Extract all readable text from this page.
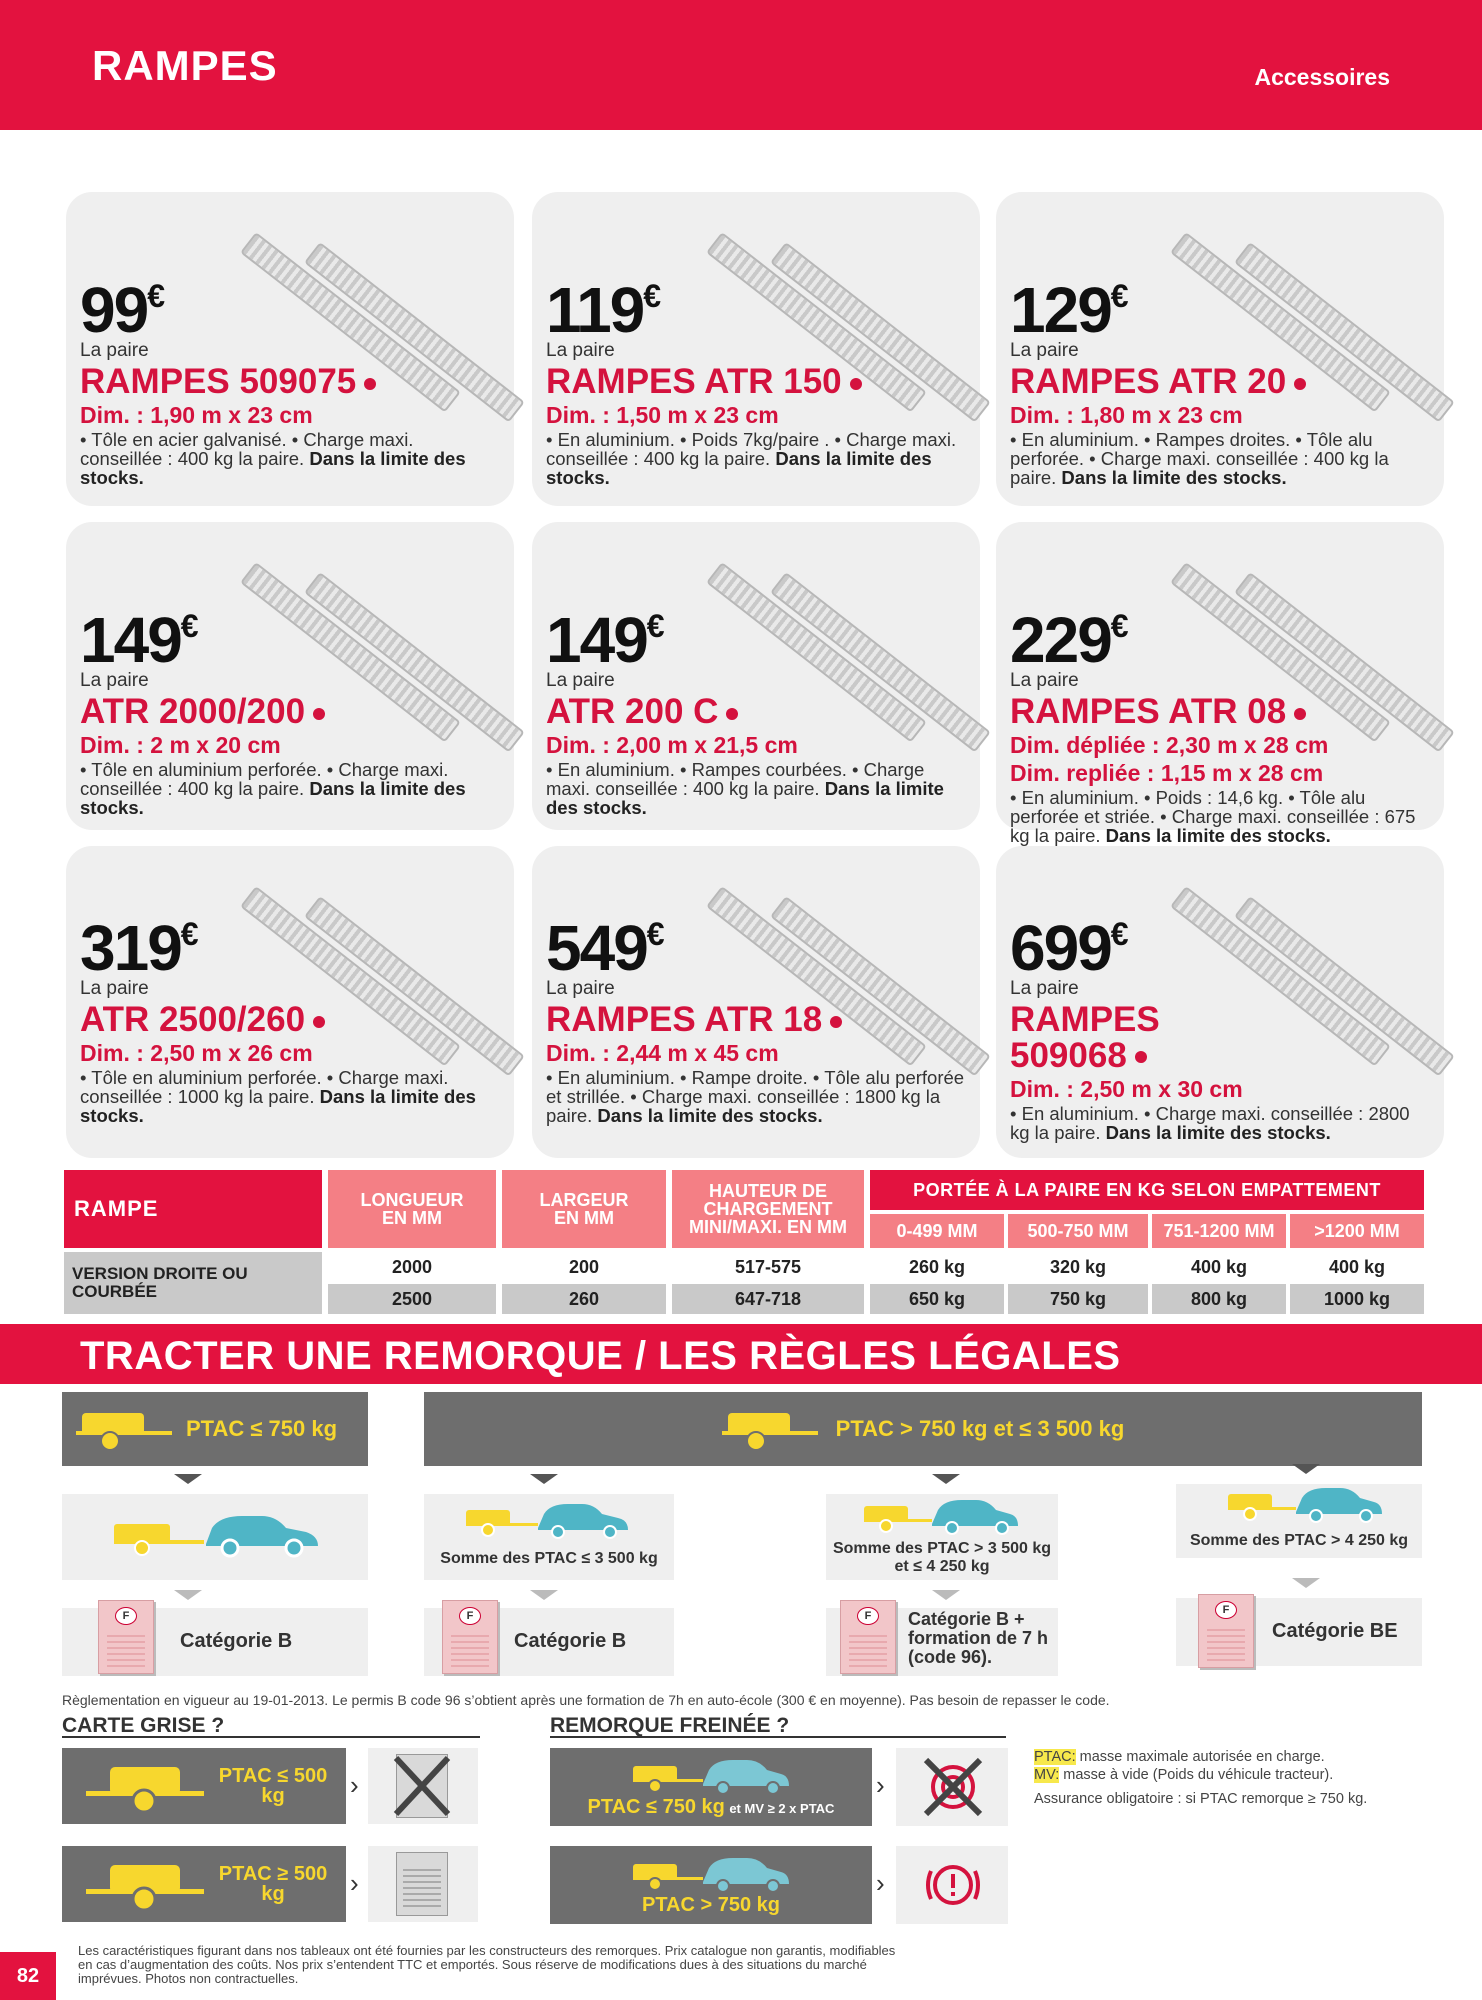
RAMPES	Accessoires
99€
La paire
RAMPES 509075
Dim. : 1,90 m x 23 cm
• Tôle en acier galvanisé. • Charge maxi. conseillée : 400 kg la paire. Dans la limite des stocks.
119€
La paire
RAMPES ATR 150
Dim. : 1,50 m x 23 cm
• En aluminium. • Poids 7kg/paire . • Charge maxi. conseillée : 400 kg la paire. Dans la limite des stocks.
129€
La paire
RAMPES ATR 20
Dim. : 1,80 m x 23 cm
• En aluminium. • Rampes droites. • Tôle alu perforée. • Charge maxi. conseillée : 400 kg la paire. Dans la limite des stocks.
149€
La paire
ATR 2000/200
Dim. : 2 m x 20 cm
• Tôle en aluminium perforée. • Charge maxi. conseillée : 400 kg la paire. Dans la limite des stocks.
149€
La paire
ATR 200 C
Dim. : 2,00 m x 21,5 cm
• En aluminium. • Rampes courbées. • Charge maxi. conseillée : 400 kg la paire. Dans la limite des stocks.
229€
La paire
RAMPES ATR 08
Dim. dépliée : 2,30 m x 28 cm
Dim. repliée : 1,15 m x 28 cm
• En aluminium. • Poids : 14,6 kg. • Tôle alu perforée et striée. • Charge maxi. conseillée : 675 kg la paire. Dans la limite des stocks.
319€
La paire
ATR 2500/260
Dim. : 2,50 m x 26 cm
• Tôle en aluminium perforée. • Charge maxi. conseillée : 1000 kg la paire. Dans la limite des stocks.
549€
La paire
RAMPES ATR 18
Dim. : 2,44 m x 45 cm
• En aluminium. • Rampe droite. • Tôle alu perforée et strillée. • Charge maxi. conseillée : 1800 kg la paire. Dans la limite des stocks.
699€
La paire
RAMPES 509068
Dim. : 2,50 m x 30 cm
• En aluminium. • Charge maxi. conseillée : 2800 kg la paire. Dans la limite des stocks.
RAMPE	LONGUEUR EN MM
LARGEUR EN MM
HAUTEUR DE CHARGEMENT MINI/MAXI. EN MM
PORTÉE À LA PAIRE EN KG SELON EMPATTEMENT
0-499 MM	500-750 MM	751-1200 MM	>1200 MM
VERSION DROITE OU COURBÉE
2000	200	517-575	260 kg	320 kg	400 kg	400 kg
2500	260	647-718	650 kg	750 kg	800 kg	1000 kg
TRACTER UNE REMORQUE / LES RÈGLES LÉGALES
PTAC ≤ 750 kg	PTAC > 750 kg et ≤ 3 500 kg
Somme des PTAC ≤ 3 500 kg
Somme des PTAC > 3 500 kg et ≤ 4 250 kg
Somme des PTAC > 4 250 kg
F
Catégorie B
F
Catégorie B
F	Catégorie B + formation de 7 h (code 96).
F
Catégorie BE
Règlementation en vigueur au 19-01-2013. Le permis B code 96 s’obtient après une formation de 7h en auto-école (300 € en moyenne). Pas besoin de repasser le code.
CARTE GRISE ?
PTAC ≤ 500 kg	›
PTAC ≥ 500 kg	›
REMORQUE FREINÉE ?
PTAC ≤ 750 kg et MV ≥ 2 x PTAC
›
PTAC > 750 kg
›
PTAC: masse maximale autorisée en charge.
MV: masse à vide (Poids du véhicule tracteur).
Assurance obligatoire : si PTAC remorque ≥ 750 kg.
82
Les caractéristiques figurant dans nos tableaux ont été fournies par les constructeurs des remorques. Prix catalogue non garantis, modifiables en cas d’augmentation des coûts. Nos prix s’entendent TTC et emportés. Sous réserve de modifications dues à des situations du marché imprévues. Photos non contractuelles.
